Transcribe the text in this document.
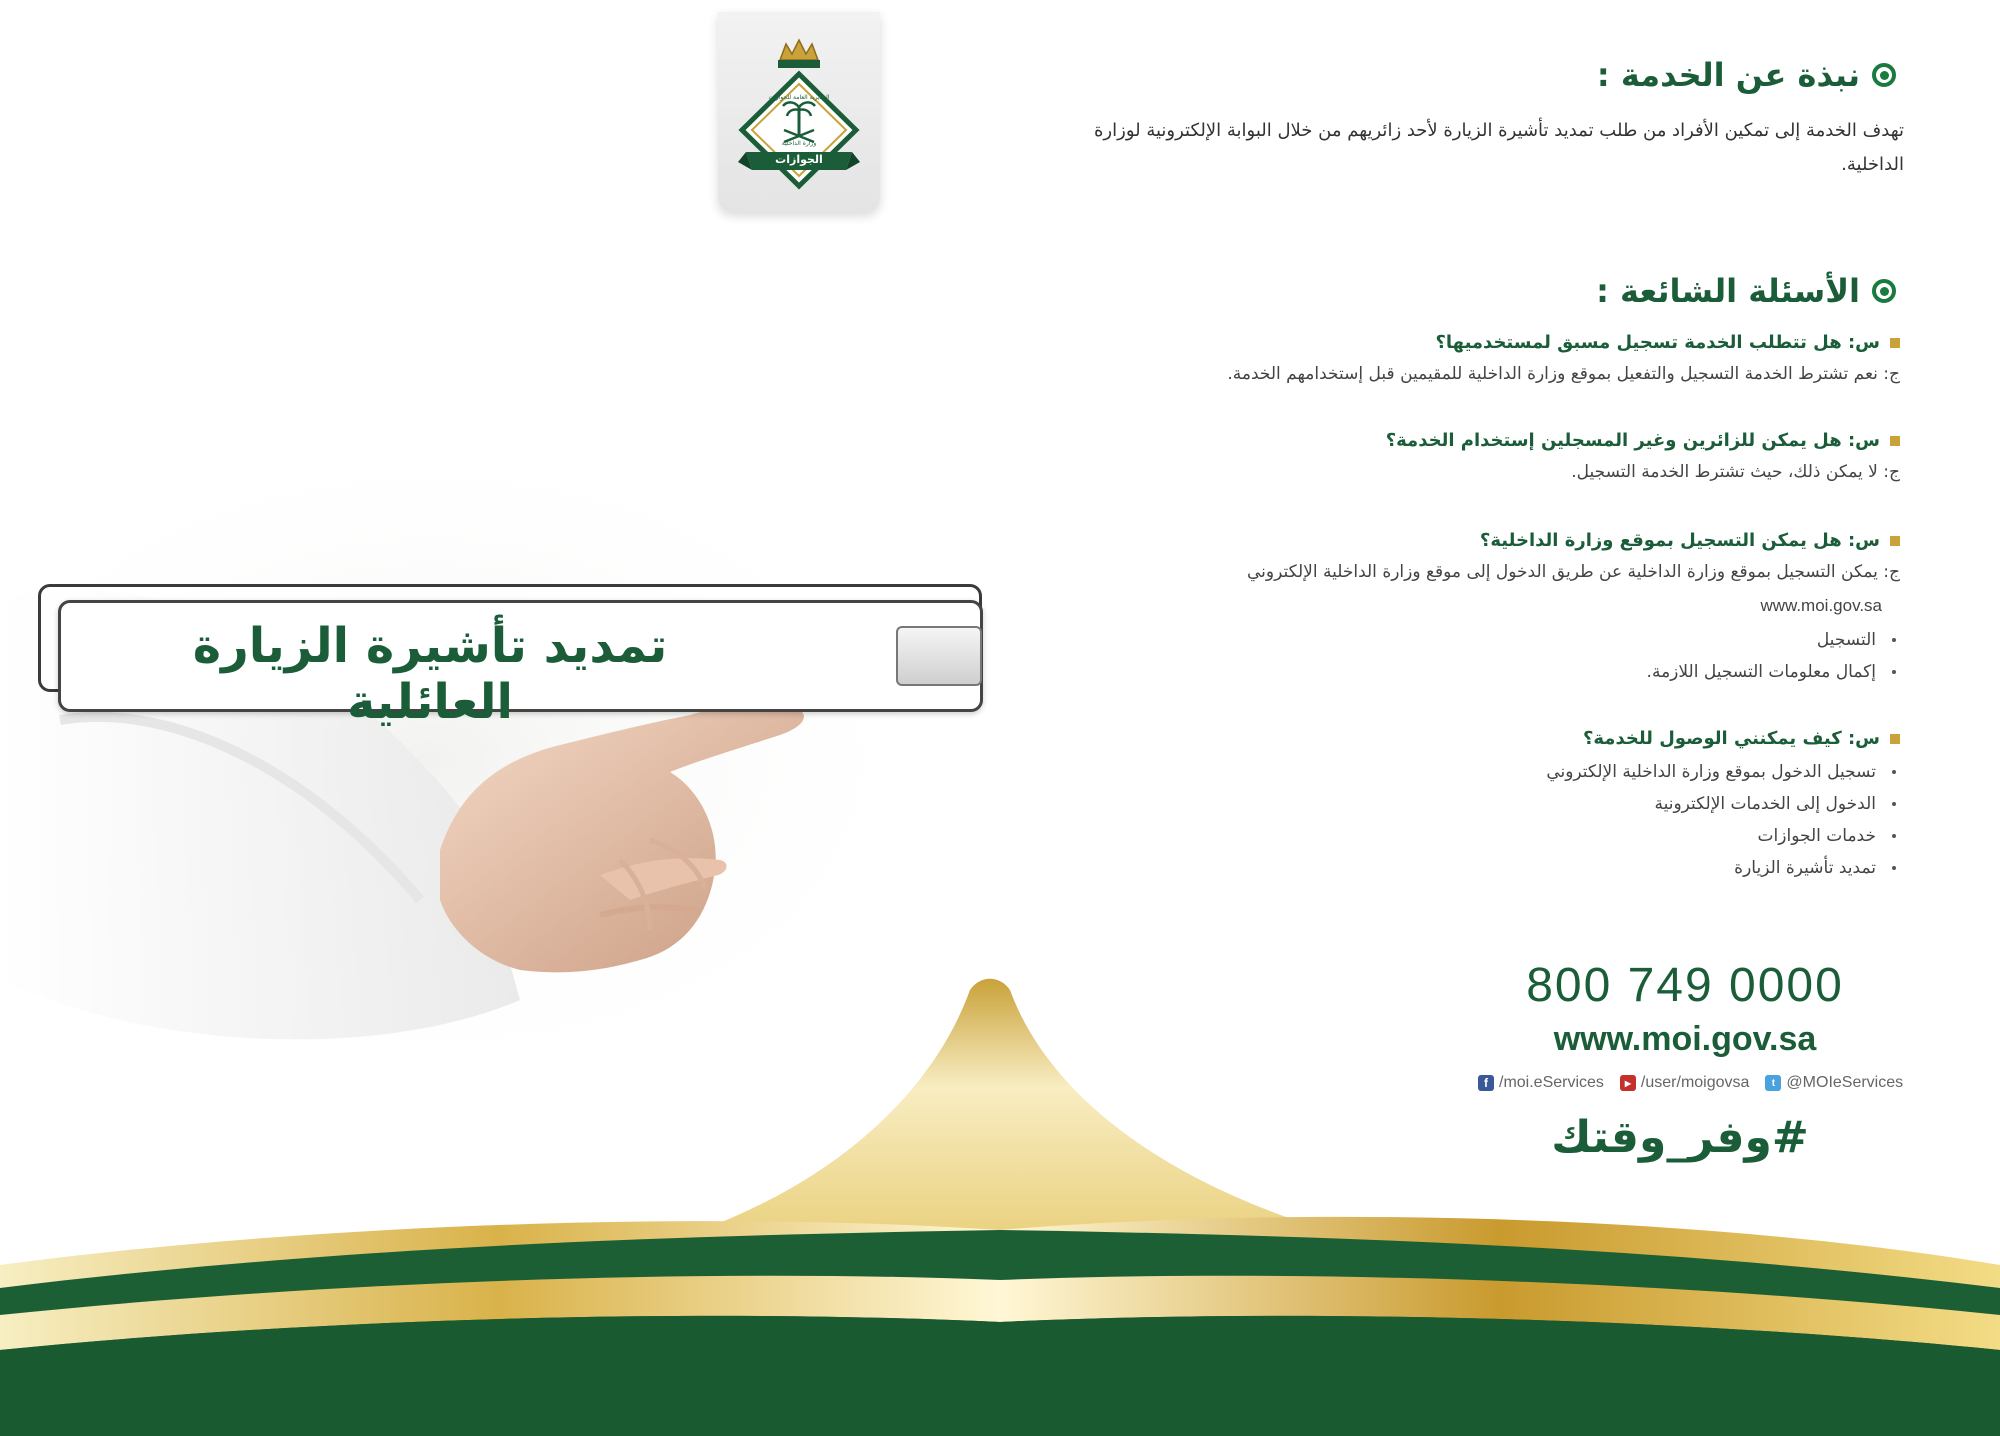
المديرية العامة للجوازات
وزارة الداخلية
الجوازات
نبذة عن الخدمة :
تهدف الخدمة إلى تمكين الأفراد من طلب تمديد تأشيرة الزيارة لأحد زائريهم من خلال البوابة الإلكترونية لوزارة الداخلية.
الأسئلة الشائعة :
س: هل تتطلب الخدمة تسجيل مسبق لمستخدميها؟
ج: نعم تشترط الخدمة التسجيل والتفعيل بموقع وزارة الداخلية للمقيمين قبل إستخدامهم الخدمة.
س: هل يمكن للزائرين وغير المسجلين إستخدام الخدمة؟
ج: لا يمكن ذلك، حيث تشترط الخدمة التسجيل.
س: هل يمكن التسجيل بموقع وزارة الداخلية؟
ج: يمكن التسجيل بموقع وزارة الداخلية عن طريق الدخول إلى موقع وزارة الداخلية الإلكتروني
www.moi.gov.sa
التسجيل
إكمال معلومات التسجيل اللازمة.
س: كيف يمكنني الوصول للخدمة؟
تسجيل الدخول بموقع وزارة الداخلية الإلكتروني
الدخول إلى الخدمات الإلكترونية
خدمات الجوازات
تمديد تأشيرة الزيارة
800 749 0000
www.moi.gov.sa
f /moi.eServices	▶ /user/moigovsa	t @MOIeServices
#وفر_وقتك
تمديد تأشيرة الزيارة العائلية
